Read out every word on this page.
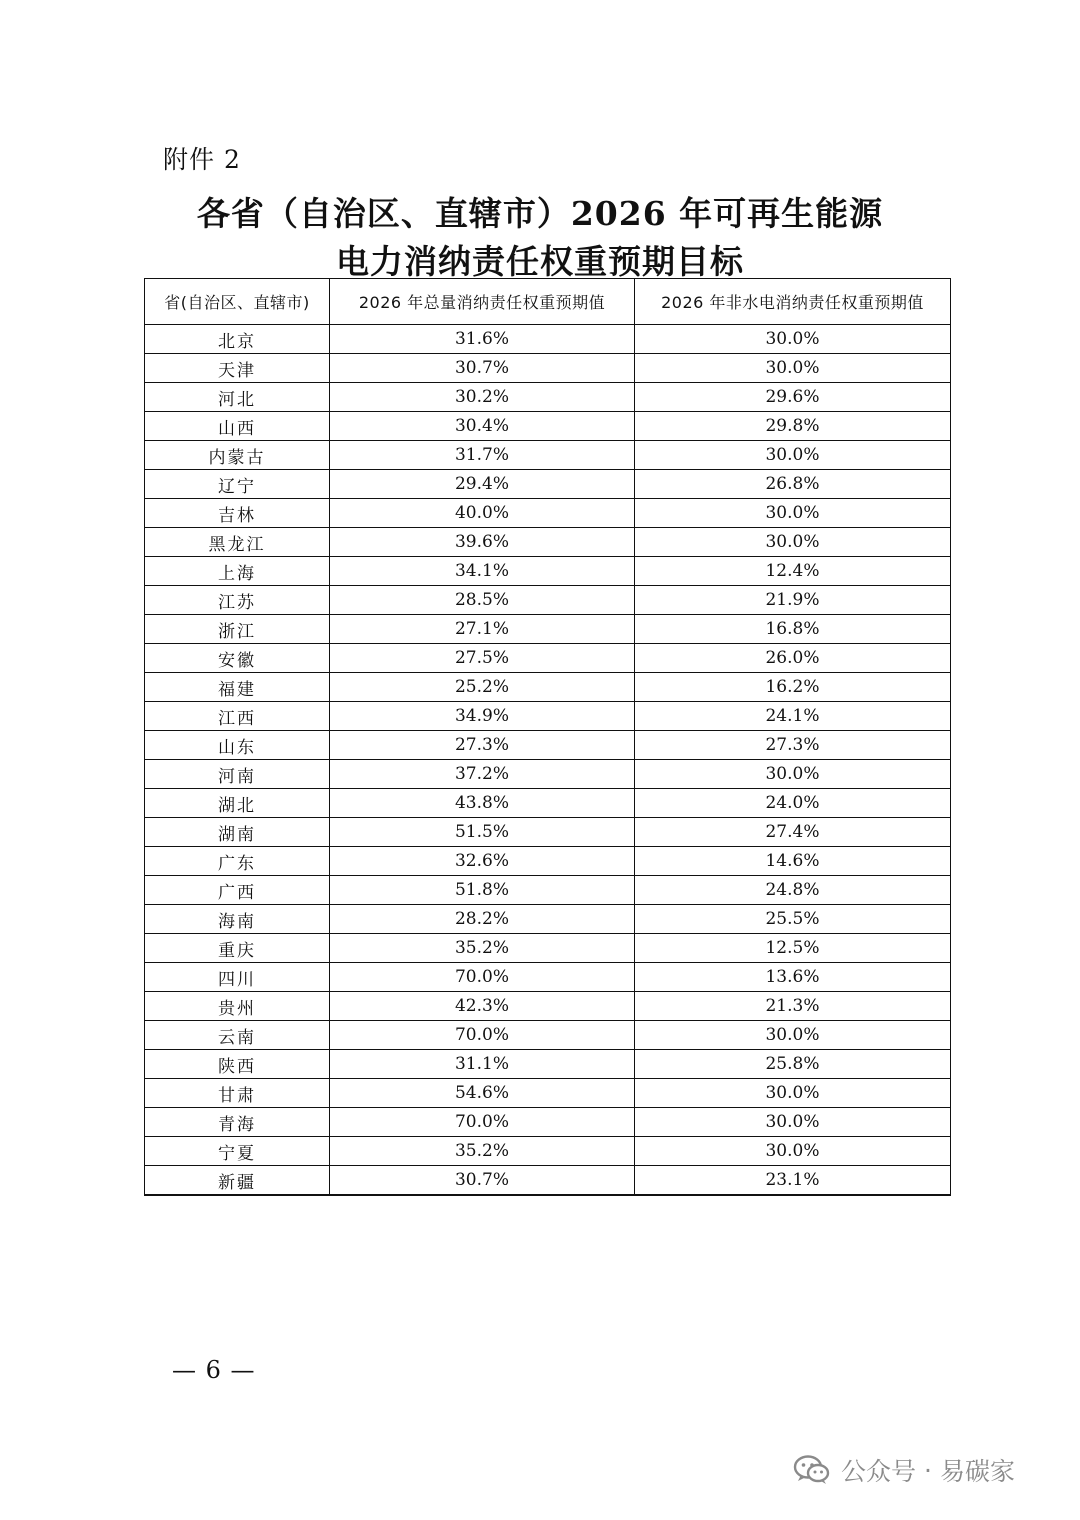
附件 2
各省（自治区、直辖市）2026 年可再生能源
电力消纳责任权重预期目标
省(自治区、直辖市)	2026 年总量消纳责任权重预期值	2026 年非水电消纳责任权重预期值
北京	31.6%	30.0%
天津	30.7%	30.0%
河北	30.2%	29.6%
山西	30.4%	29.8%
内蒙古	31.7%	30.0%
辽宁	29.4%	26.8%
吉林	40.0%	30.0%
黑龙江	39.6%	30.0%
上海	34.1%	12.4%
江苏	28.5%	21.9%
浙江	27.1%	16.8%
安徽	27.5%	26.0%
福建	25.2%	16.2%
江西	34.9%	24.1%
山东	27.3%	27.3%
河南	37.2%	30.0%
湖北	43.8%	24.0%
湖南	51.5%	27.4%
广东	32.6%	14.6%
广西	51.8%	24.8%
海南	28.2%	25.5%
重庆	35.2%	12.5%
四川	70.0%	13.6%
贵州	42.3%	21.3%
云南	70.0%	30.0%
陕西	31.1%	25.8%
甘肃	54.6%	30.0%
青海	70.0%	30.0%
宁夏	35.2%	30.0%
新疆	30.7%	23.1%
— 6 —
公众号 · 易碳家
